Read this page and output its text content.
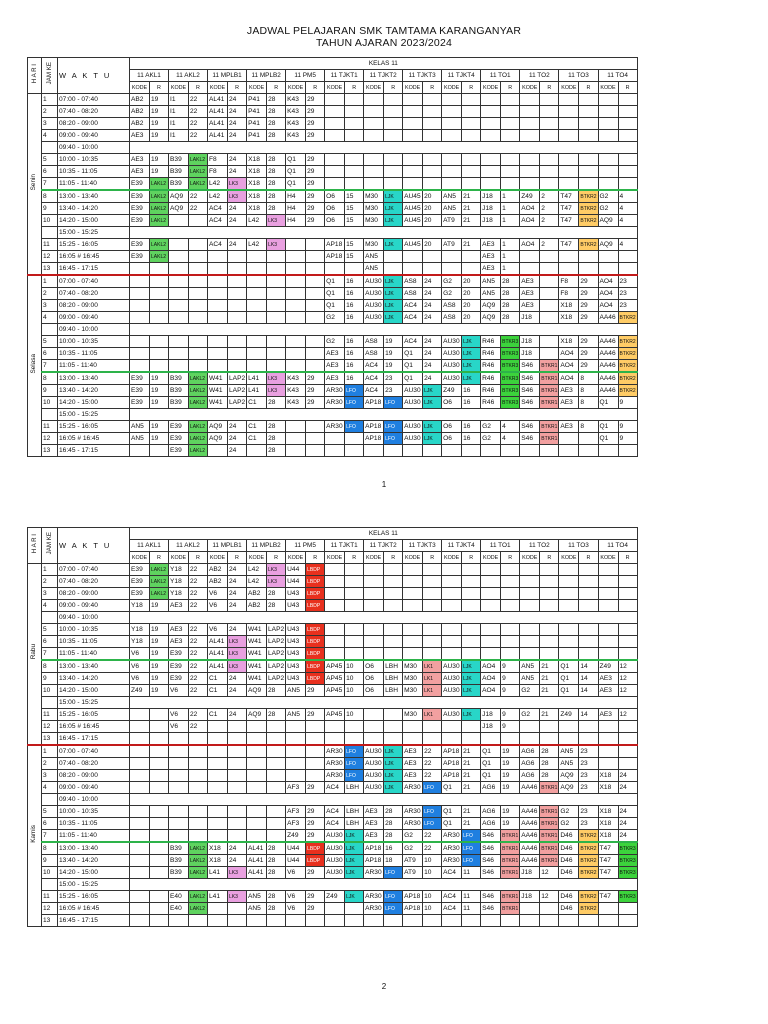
JADWAL PELAJARAN SMK TAMTAMA KARANGANYAR
TAHUN AJARAN 2023/2024
H A R I	JAM KE	W A K T U	KELAS 11																									
			11 AKL1		11 AKL2		11 MPLB1		11 MPLB2		11 PM5		11 TJKT1		11 TJKT2		11 TJKT3		11 TJKT4		11 TO1		11 TO2		11 TO3		11 TO4	
			KODE	R	KODE	R	KODE	R	KODE	R	KODE	R	KODE	R	KODE	R	KODE	R	KODE	R	KODE	R	KODE	R	KODE	R	KODE	R
Senin	1	07:00 - 07:40	AB2	19	I1	22	AL41	24	P41	28	K43	29																
	2	07:40 - 08:20	AB2	19	I1	22	AL41	24	P41	28	K43	29																
	3	08:20 - 09:00	AB2	19	I1	22	AL41	24	P41	28	K43	29																
	4	09:00 - 09:40	AE3	19	I1	22	AL41	24	P41	28	K43	29																
		09:40 - 10:00																										
	5	10:00 - 10:35	AE3	19	B39	LAKL2	F8	24	X18	28	Q1	29																
	6	10:35 - 11:05	AE3	19	B39	LAKL2	F8	24	X18	28	Q1	29																
	7	11:05 - 11:40	E39	LAKL2	B39	LAKL2	L42	LK3	X18	28	Q1	29																
	8	13:00 - 13:40	E39	LAKL2	AQ9	22	L42	LK3	X18	28	H4	29	O6	15	M30	LJK	AU45	20	AN5	21	J18	1	Z49	2	T47	BTKR2	G2	4
	9	13:40 - 14:20	E39	LAKL2	AQ9	22	AC4	24	X18	28	H4	29	O6	15	M30	LJK	AU45	20	AN5	21	J18	1	AO4	2	T47	BTKR2	G2	4
	10	14:20 - 15:00	E39	LAKL2			AC4	24	L42	LK3	H4	29	O6	15	M30	LJK	AU45	20	AT9	21	J18	1	AO4	2	T47	BTKR2	AQ9	4
		15:00 - 15:25																										
	11	15:25 - 16:05	E39	LAKL2			AC4	24	L42	LK3			AP18	15	M30	LJK	AU45	20	AT9	21	AE3	1	AO4	2	T47	BTKR2	AQ9	4
	12	16:05 # 16:45	E39	LAKL2									AP18	15	AN5						AE3	1						
	13	16:45 - 17:15													AN5						AE3	1						
Selasa	1	07:00 - 07:40											Q1	16	AU30	LJK	AS8	24	G2	20	AN5	28	AE3		F8	29	AO4	23
	2	07:40 - 08:20											Q1	16	AU30	LJK	AS8	24	G2	20	AN5	28	AE3		F8	29	AO4	23
	3	08:20 - 09:00											Q1	16	AU30	LJK	AC4	24	AS8	20	AQ9	28	AE3		X18	29	AO4	23
	4	09:00 - 09:40											G2	16	AU30	LJK	AC4	24	AS8	20	AQ9	28	J18		X18	29	AA46	BTKR2
		09:40 - 10:00																										
	5	10:00 - 10:35											G2	16	AS8	19	AC4	24	AU30	LJK	R46	BTKR3	J18		X18	29	AA46	BTKR2
	6	10:35 - 11:05											AE3	16	AS8	19	Q1	24	AU30	LJK	R46	BTKR3	J18		AO4	29	AA46	BTKR2
	7	11:05 - 11:40											AE3	16	AC4	19	Q1	24	AU30	LJK	R46	BTKR3	S46	BTKR1	AO4	29	AA46	BTKR2
	8	13:00 - 13:40	E39	19	B39	LAKL2	W41	LAP2	L41	LK3	K43	29	AE3	16	AC4	23	Q1	24	AU30	LJK	R46	BTKR3	S46	BTKR1	AO4	8	AA46	BTKR2
	9	13:40 - 14:20	E39	19	B39	LAKL2	W41	LAP2	L41	LK3	K43	29	AR30	LFO	AC4	23	AU30	LJK	Z49	16	R46	BTKR3	S46	BTKR1	AE3	8	AA46	BTKR2
	10	14:20 - 15:00	E39	19	B39	LAKL2	W41	LAP2	C1	28	K43	29	AR30	LFO	AP18	LFO	AU30	LJK	O6	16	R46	BTKR3	S46	BTKR1	AE3	8	Q1	9
		15:00 - 15:25																										
	11	15:25 - 16:05	AN5	19	E39	LAKL2	AQ9	24	C1	28			AR30	LFO	AP18	LFO	AU30	LJK	O6	16	G2	4	S46	BTKR1	AE3	8	Q1	9
	12	16:05 # 16:45	AN5	19	E39	LAKL2	AQ9	24	C1	28					AP18	LFO	AU30	LJK	O6	16	G2	4	S46	BTKR1			Q1	9
	13	16:45 - 17:15			E39	LAKL2		24		28																		
1
H A R I	JAM KE	W A K T U	KELAS 11																									
			11 AKL1		11 AKL2		11 MPLB1		11 MPLB2		11 PM5		11 TJKT1		11 TJKT2		11 TJKT3		11 TJKT4		11 TO1		11 TO2		11 TO3		11 TO4	
			KODE	R	KODE	R	KODE	R	KODE	R	KODE	R	KODE	R	KODE	R	KODE	R	KODE	R	KODE	R	KODE	R	KODE	R	KODE	R
Rabu	1	07:00 - 07:40	E39	LAKL2	Y18	22	AB2	24	L42	LK3	U44	LBDP																
	2	07:40 - 08:20	E39	LAKL2	Y18	22	AB2	24	L42	LK3	U44	LBDP																
	3	08:20 - 09:00	E39	LAKL2	Y18	22	V6	24	AB2	28	U43	LBDP																
	4	09:00 - 09:40	Y18	19	AE3	22	V6	24	AB2	28	U43	LBDP																
		09:40 - 10:00																										
	5	10:00 - 10:35	Y18	19	AE3	22	V6	24	W41	LAP2	U43	LBDP																
	6	10:35 - 11:05	Y18	19	AE3	22	AL41	LK3	W41	LAP2	U43	LBDP																
	7	11:05 - 11:40	V6	19	E39	22	AL41	LK3	W41	LAP2	U43	LBDP																
	8	13:00 - 13:40	V6	19	E39	22	AL41	LK3	W41	LAP2	U43	LBDP	AP45	10	O6	LBH	M30	LK1	AU30	LJK	AO4	9	AN5	21	Q1	14	Z49	12
	9	13:40 - 14:20	V6	19	E39	22	C1	24	W41	LAP2	U43	LBDP	AP45	10	O6	LBH	M30	LK1	AU30	LJK	AO4	9	AN5	21	Q1	14	AE3	12
	10	14:20 - 15:00	Z49	19	V6	22	C1	24	AQ9	28	AN5	29	AP45	10	O6	LBH	M30	LK1	AU30	LJK	AO4	9	G2	21	Q1	14	AE3	12
		15:00 - 15:25																										
	11	15:25 - 16:05			V6	22	C1	24	AQ9	28	AN5	29	AP45	10			M30	LK1	AU30	LJK	J18	9	G2	21	Z49	14	AE3	12
	12	16:05 # 16:45			V6	22															J18	9						
	13	16:45 - 17:15																										
Kamis	1	07:00 - 07:40											AR30	LFO	AU30	LJK	AE3	22	AP18	21	Q1	19	AG6	28	AN5	23		
	2	07:40 - 08:20											AR30	LFO	AU30	LJK	AE3	22	AP18	21	Q1	19	AG6	28	AN5	23		
	3	08:20 - 09:00											AR30	LFO	AU30	LJK	AE3	22	AP18	21	Q1	19	AG6	28	AQ9	23	X18	24
	4	09:00 - 09:40									AF3	29	AC4	LBH	AU30	LJK	AR30	LFO	Q1	21	AG6	19	AA46	BTKR1	AQ9	23	X18	24
		09:40 - 10:00																										
	5	10:00 - 10:35									AF3	29	AC4	LBH	AE3	28	AR30	LFO	Q1	21	AG6	19	AA46	BTKR1	G2	23	X18	24
	6	10:35 - 11:05									AF3	29	AC4	LBH	AE3	28	AR30	LFO	Q1	21	AG6	19	AA46	BTKR1	G2	23	X18	24
	7	11:05 - 11:40									Z49	29	AU30	LJK	AE3	28	G2	22	AR30	LFO	S46	BTKR1	AA46	BTKR1	D46	BTKR2	X18	24
	8	13:00 - 13:40			B39	LAKL2	X18	24	AL41	28	U44	LBDP	AU30	LJK	AP18	16	G2	22	AR30	LFO	S46	BTKR1	AA46	BTKR1	D46	BTKR2	T47	BTKR3
	9	13:40 - 14:20			B39	LAKL2	X18	24	AL41	28	U44	LBDP	AU30	LJK	AP18	18	AT9	10	AR30	LFO	S46	BTKR1	AA46	BTKR1	D46	BTKR2	T47	BTKR3
	10	14:20 - 15:00			B39	LAKL2	L41	LK3	AL41	28	V6	29	AU30	LJK	AR30	LFO	AT9	10	AC4	11	S46	BTKR1	J18	12	D46	BTKR2	T47	BTKR3
		15:00 - 15:25																										
	11	15:25 - 16:05			E40	LAKL2	L41	LK3	AN5	28	V6	29	Z49	LJK	AR30	LFO	AP18	10	AC4	11	S46	BTKR1	J18	12	D46	BTKR2	T47	BTKR3
	12	16:05 # 16:45			E40	LAKL2			AN5	28	V6	29			AR30	LFO	AP18	10	AC4	11	S46	BTKR1			D46	BTKR2		
	13	16:45 - 17:15																										
2
